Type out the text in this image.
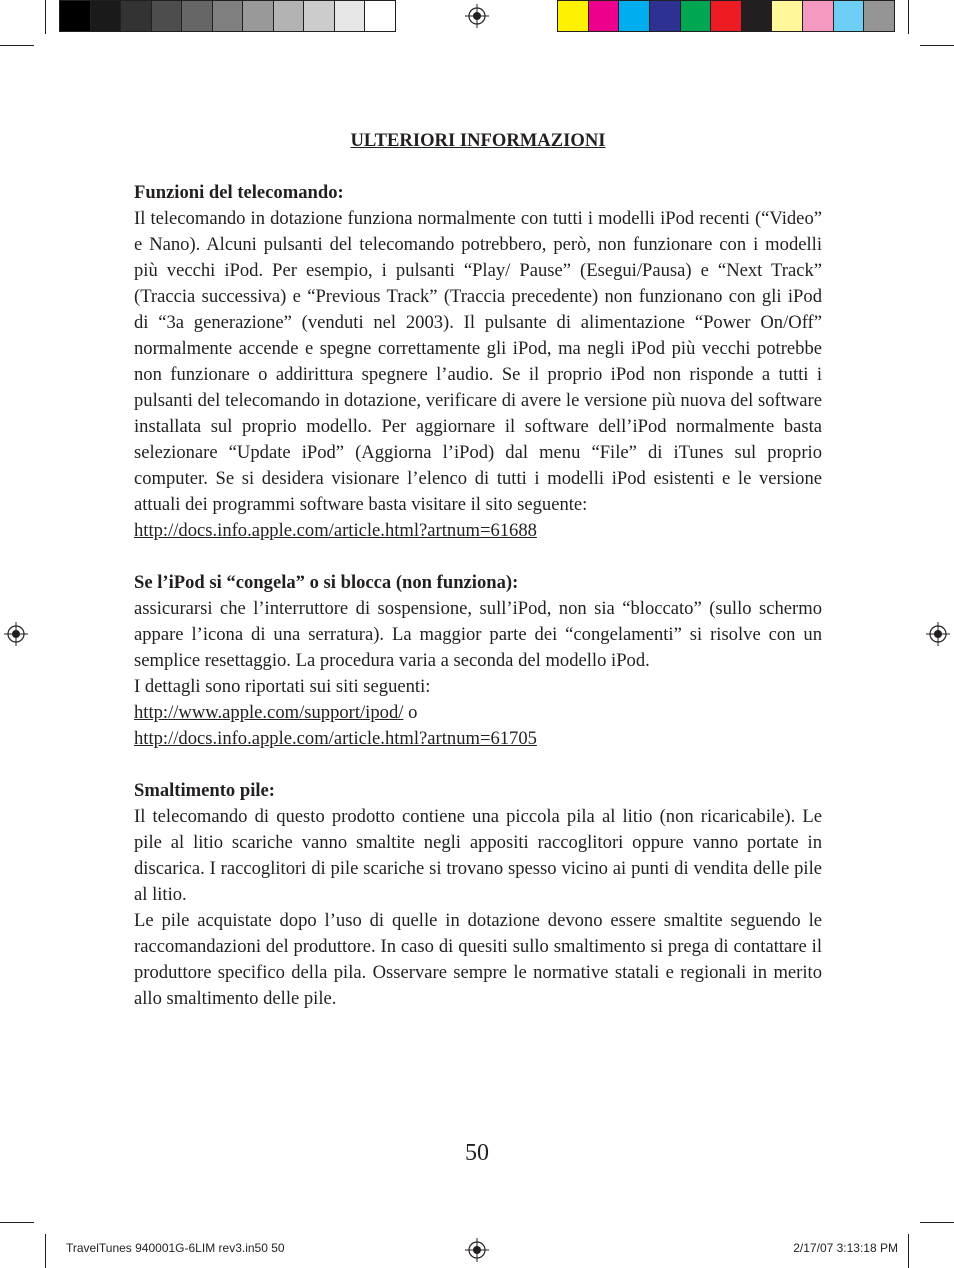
ULTERIORI INFORMAZIONI

Funzioni del telecomando:

Il telecomando in dotazione funziona normalmente con tutti i modelli iPod recenti (“Video” e Nano). Alcuni pulsanti del telecomando potrebbero, però, non funzionare con i modelli più vecchi iPod. Per esempio, i pulsanti “Play/ Pause” (Esegui/Pausa) e “Next Track” (Traccia successiva) e “Previous Track” (Traccia precedente) non funzionano con gli iPod di “3a generazione” (venduti nel 2003). Il pulsante di alimentazione “Power On/Off” normalmente accende e spegne correttamente gli iPod, ma negli iPod più vecchi potrebbe non funzionare o addirittura spegnere l’audio. Se il proprio iPod non risponde a tutti i pulsanti del telecomando in dotazione, verificare di avere le versione più nuova del software installata sul proprio modello. Per aggiornare il software dell’iPod normalmente basta selezionare “Update iPod” (Aggiorna l’iPod) dal menu “File” di iTunes sul proprio computer. Se si desidera visionare l’elenco di tutti i modelli iPod esistenti e le versione attuali dei programmi software basta visitare il sito seguente:

http://docs.info.apple.com/article.html?artnum=61688

Se l’iPod si “congela” o si blocca (non funziona):

assicurarsi che l’interruttore di sospensione, sull’iPod, non sia “bloccato” (sullo schermo appare l’icona di una serratura). La maggior parte dei “congelamenti” si risolve con un semplice resettaggio. La procedura varia a seconda del modello iPod.

I dettagli sono riportati sui siti seguenti:

http://www.apple.com/support/ipod/ o

http://docs.info.apple.com/article.html?artnum=61705

Smaltimento pile:

Il telecomando di questo prodotto contiene una piccola pila al litio (non ricaricabile). Le pile al litio scariche vanno smaltite negli appositi raccoglitori oppure vanno portate in discarica. I raccoglitori di pile scariche si trovano spesso vicino ai punti di vendita delle pile al litio.

Le pile acquistate dopo l’uso di quelle in dotazione devono essere smaltite seguendo le raccomandazioni del produttore. In caso di quesiti sullo smaltimento si prega di contattare il produttore specifico della pila. Osservare sempre le normative statali e regionali in merito allo smaltimento delle pile.

50
TravelTunes 940001G-6LIM rev3.in50 50	2/17/07 3:13:18 PM
